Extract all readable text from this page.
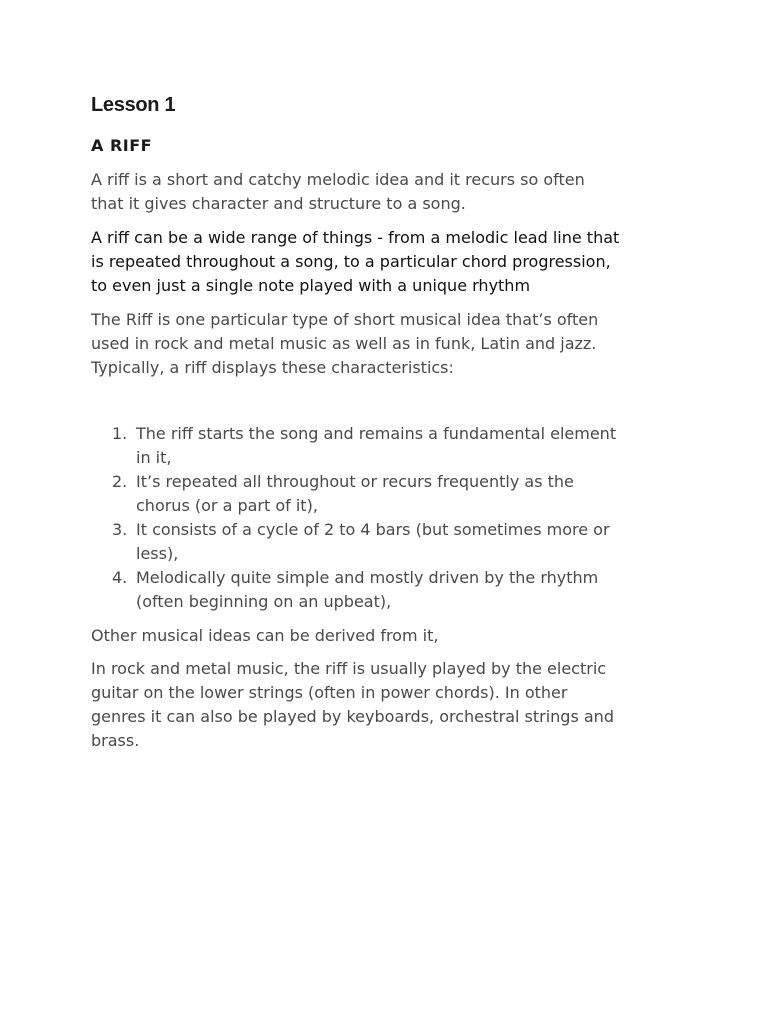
Lesson 1
A RIFF

A riff is a short and catchy melodic idea and it recurs so often
that it gives character and structure to a song.

A riff can be a wide range of things - from a melodic lead line that
is repeated throughout a song, to a particular chord progression,
to even just a single note played with a unique rhythm

The Riff is one particular type of short musical idea that’s often
used in rock and metal music as well as in funk, Latin and jazz.
Typically, a riff displays these characteristics:

1. The riff starts the song and remains a fundamental element
in it,
2. It’s repeated all throughout or recurs frequently as the
chorus (or a part of it),
3. It consists of a cycle of 2 to 4 bars (but sometimes more or
less),
4. Melodically quite simple and mostly driven by the rhythm
(often beginning on an upbeat),

Other musical ideas can be derived from it,

In rock and metal music, the riff is usually played by the electric
guitar on the lower strings (often in power chords). In other
genres it can also be played by keyboards, orchestral strings and
brass.
